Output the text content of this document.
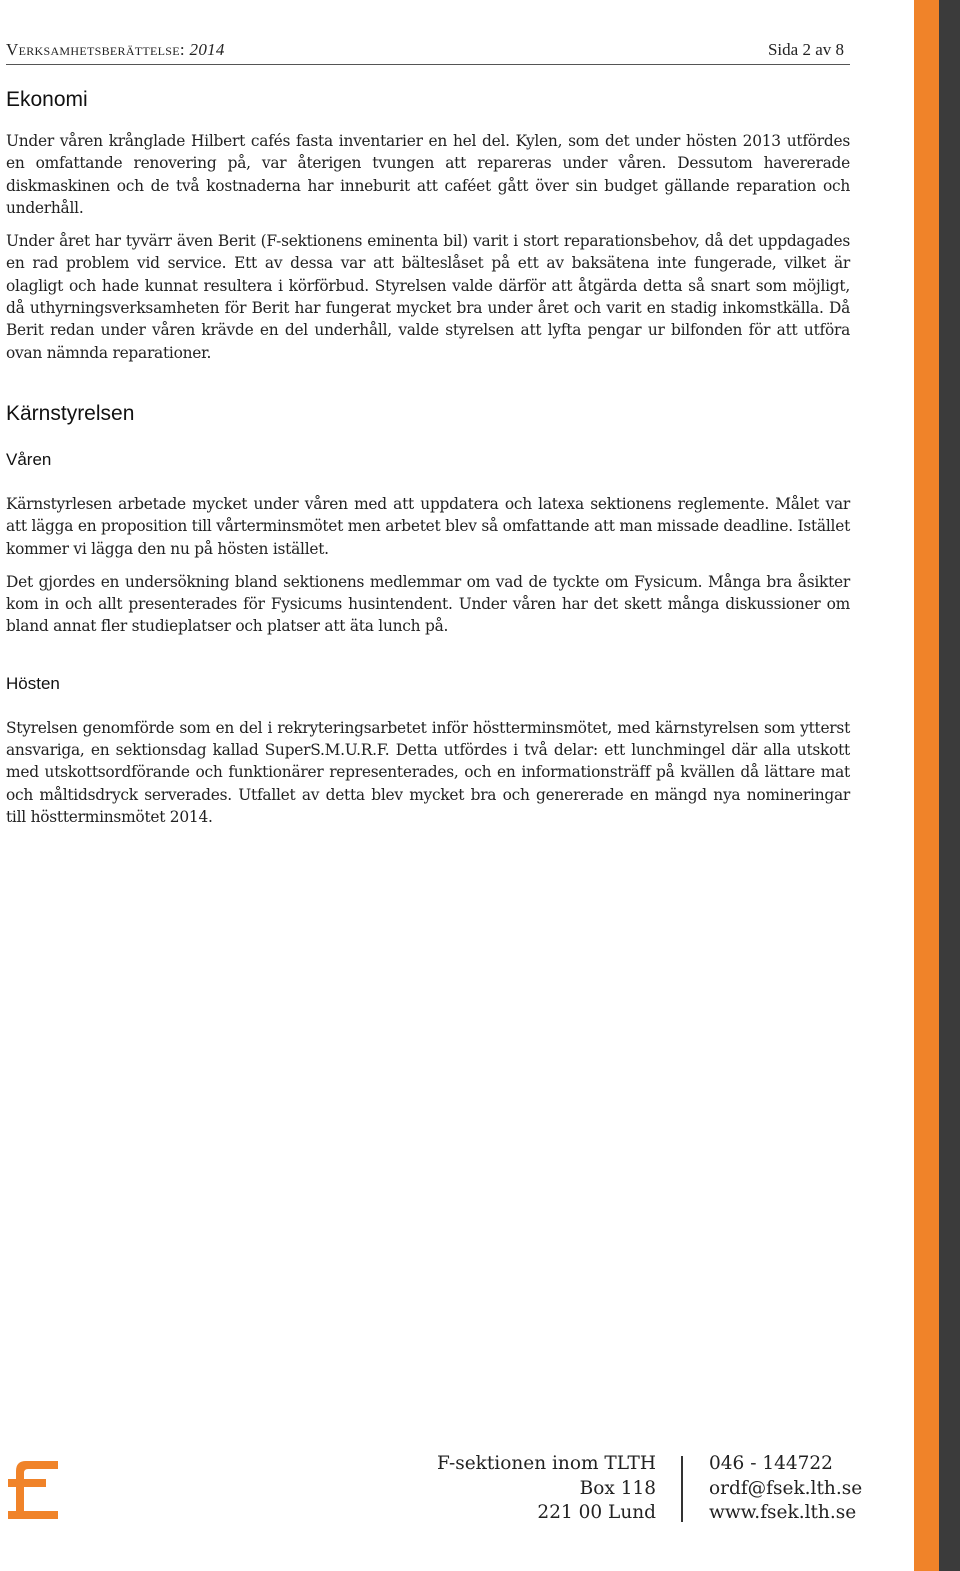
Verksamhetsberättelse: 2014	Sida 2 av 8
Ekonomi

Under våren krånglade Hilbert cafés fasta inventarier en hel del. Kylen, som det under hösten 2013 utfördes en omfattande renovering på, var återigen tvungen att repareras under våren. Dessutom havererade diskmaskinen och de två kostnaderna har inneburit att caféet gått över sin budget gällande reparation och underhåll.

Under året har tyvärr även Berit (F-sektionens eminenta bil) varit i stort reparationsbehov, då det uppdagades en rad problem vid service. Ett av dessa var att bälteslåset på ett av baksätena inte fungerade, vilket är olagligt och hade kunnat resultera i körförbud. Styrelsen valde därför att åtgärda detta så snart som möjligt, då uthyrningsverksamheten för Berit har fungerat mycket bra under året och varit en stadig inkomstkälla. Då Berit redan under våren krävde en del underhåll, valde styrelsen att lyfta pengar ur bilfonden för att utföra ovan nämnda reparationer.

Kärnstyrelsen
Våren

Kärnstyrlesen arbetade mycket under våren med att uppdatera och latexa sektionens reglemente. Målet var att lägga en proposition till vårterminsmötet men arbetet blev så omfattande att man missade deadline. Istället kommer vi lägga den nu på hösten istället.

Det gjordes en undersökning bland sektionens medlemmar om vad de tyckte om Fysicum. Många bra åsikter kom in och allt presenterades för Fysicums husintendent. Under våren har det skett många diskussioner om bland annat fler studieplatser och platser att äta lunch på.

Hösten

Styrelsen genomförde som en del i rekryteringsarbetet inför höstterminsmötet, med kärnstyrelsen som ytterst ansvariga, en sektionsdag kallad SuperS.M.U.R.F. Detta utfördes i två delar: ett lunchmingel där alla utskott med utskottsordförande och funktionärer representerades, och en informationsträff på kvällen då lättare mat och måltidsdryck serverades. Utfallet av detta blev mycket bra och genererade en mängd nya nomineringar till höstterminsmötet 2014.

F-sektionen inom TLTH
Box 118
221 00 Lund
046 - 144722
ordf@fsek.lth.se
www.fsek.lth.se
